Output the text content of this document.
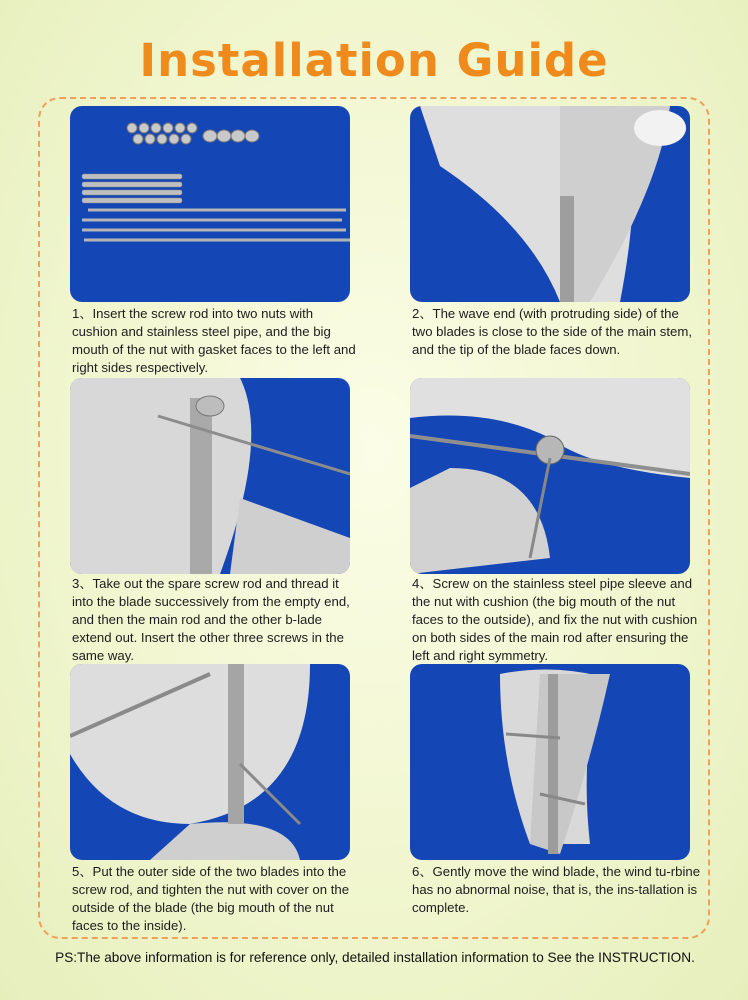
Installation Guide

1、Insert the screw rod into two nuts with cushion and stainless steel pipe, and the big mouth of the nut with gasket faces to the left and right sides respectively.

2、The wave end (with protruding side) of the two blades is close to the side of the main stem, and the tip of the blade faces down.

3、Take out the spare screw rod and thread it into the blade successively from the empty end, and then the main rod and the other b-lade extend out. Insert the other three screws in the same way.

4、Screw on the stainless steel pipe sleeve and the nut with cushion (the big mouth of the nut faces to the outside), and fix the nut with cushion on both sides of the main rod after ensuring the left and right symmetry.

5、Put the outer side of the two blades into the screw rod, and tighten the nut with cover on the outside of the blade (the big mouth of the nut faces to the inside).

6、Gently move the wind blade, the wind tu-rbine has no abnormal noise, that is, the ins-tallation is complete.

PS:The above information is for reference only, detailed installation information to See the INSTRUCTION.
